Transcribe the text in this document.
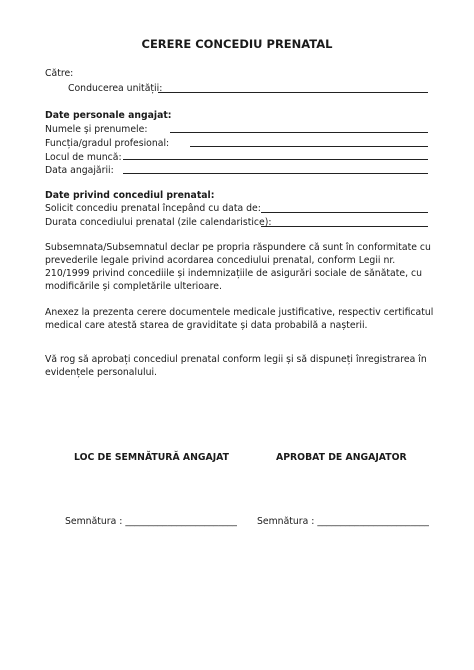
CERERE CONCEDIU PRENATAL
Către:
Conducerea unității:
Date personale angajat:
Numele și prenumele:
Funcția/gradul profesional:
Locul de muncă:
Data angajării:
Date privind concediul prenatal:
Solicit concediu prenatal începând cu data de:
Durata concediului prenatal (zile calendaristice):
Subsemnata/Subsemnatul declar pe propria răspundere că sunt în conformitate cu prevederile legale privind acordarea concediului prenatal, conform Legii nr. 210/1999 privind concediile și indemnizațiile de asigurări sociale de sănătate, cu modificările și completările ulterioare.
Anexez la prezenta cerere documentele medicale justificative, respectiv certificatul medical care atestă starea de graviditate și data probabilă a nașterii.
Vă rog să aprobați concediul prenatal conform legii și să dispuneți înregistrarea în evidențele personalului.
LOC DE SEMNĂTURĂ ANGAJAT	APROBAT DE ANGAJATOR
Semnătura : ________________________ Semnătura : ________________________
